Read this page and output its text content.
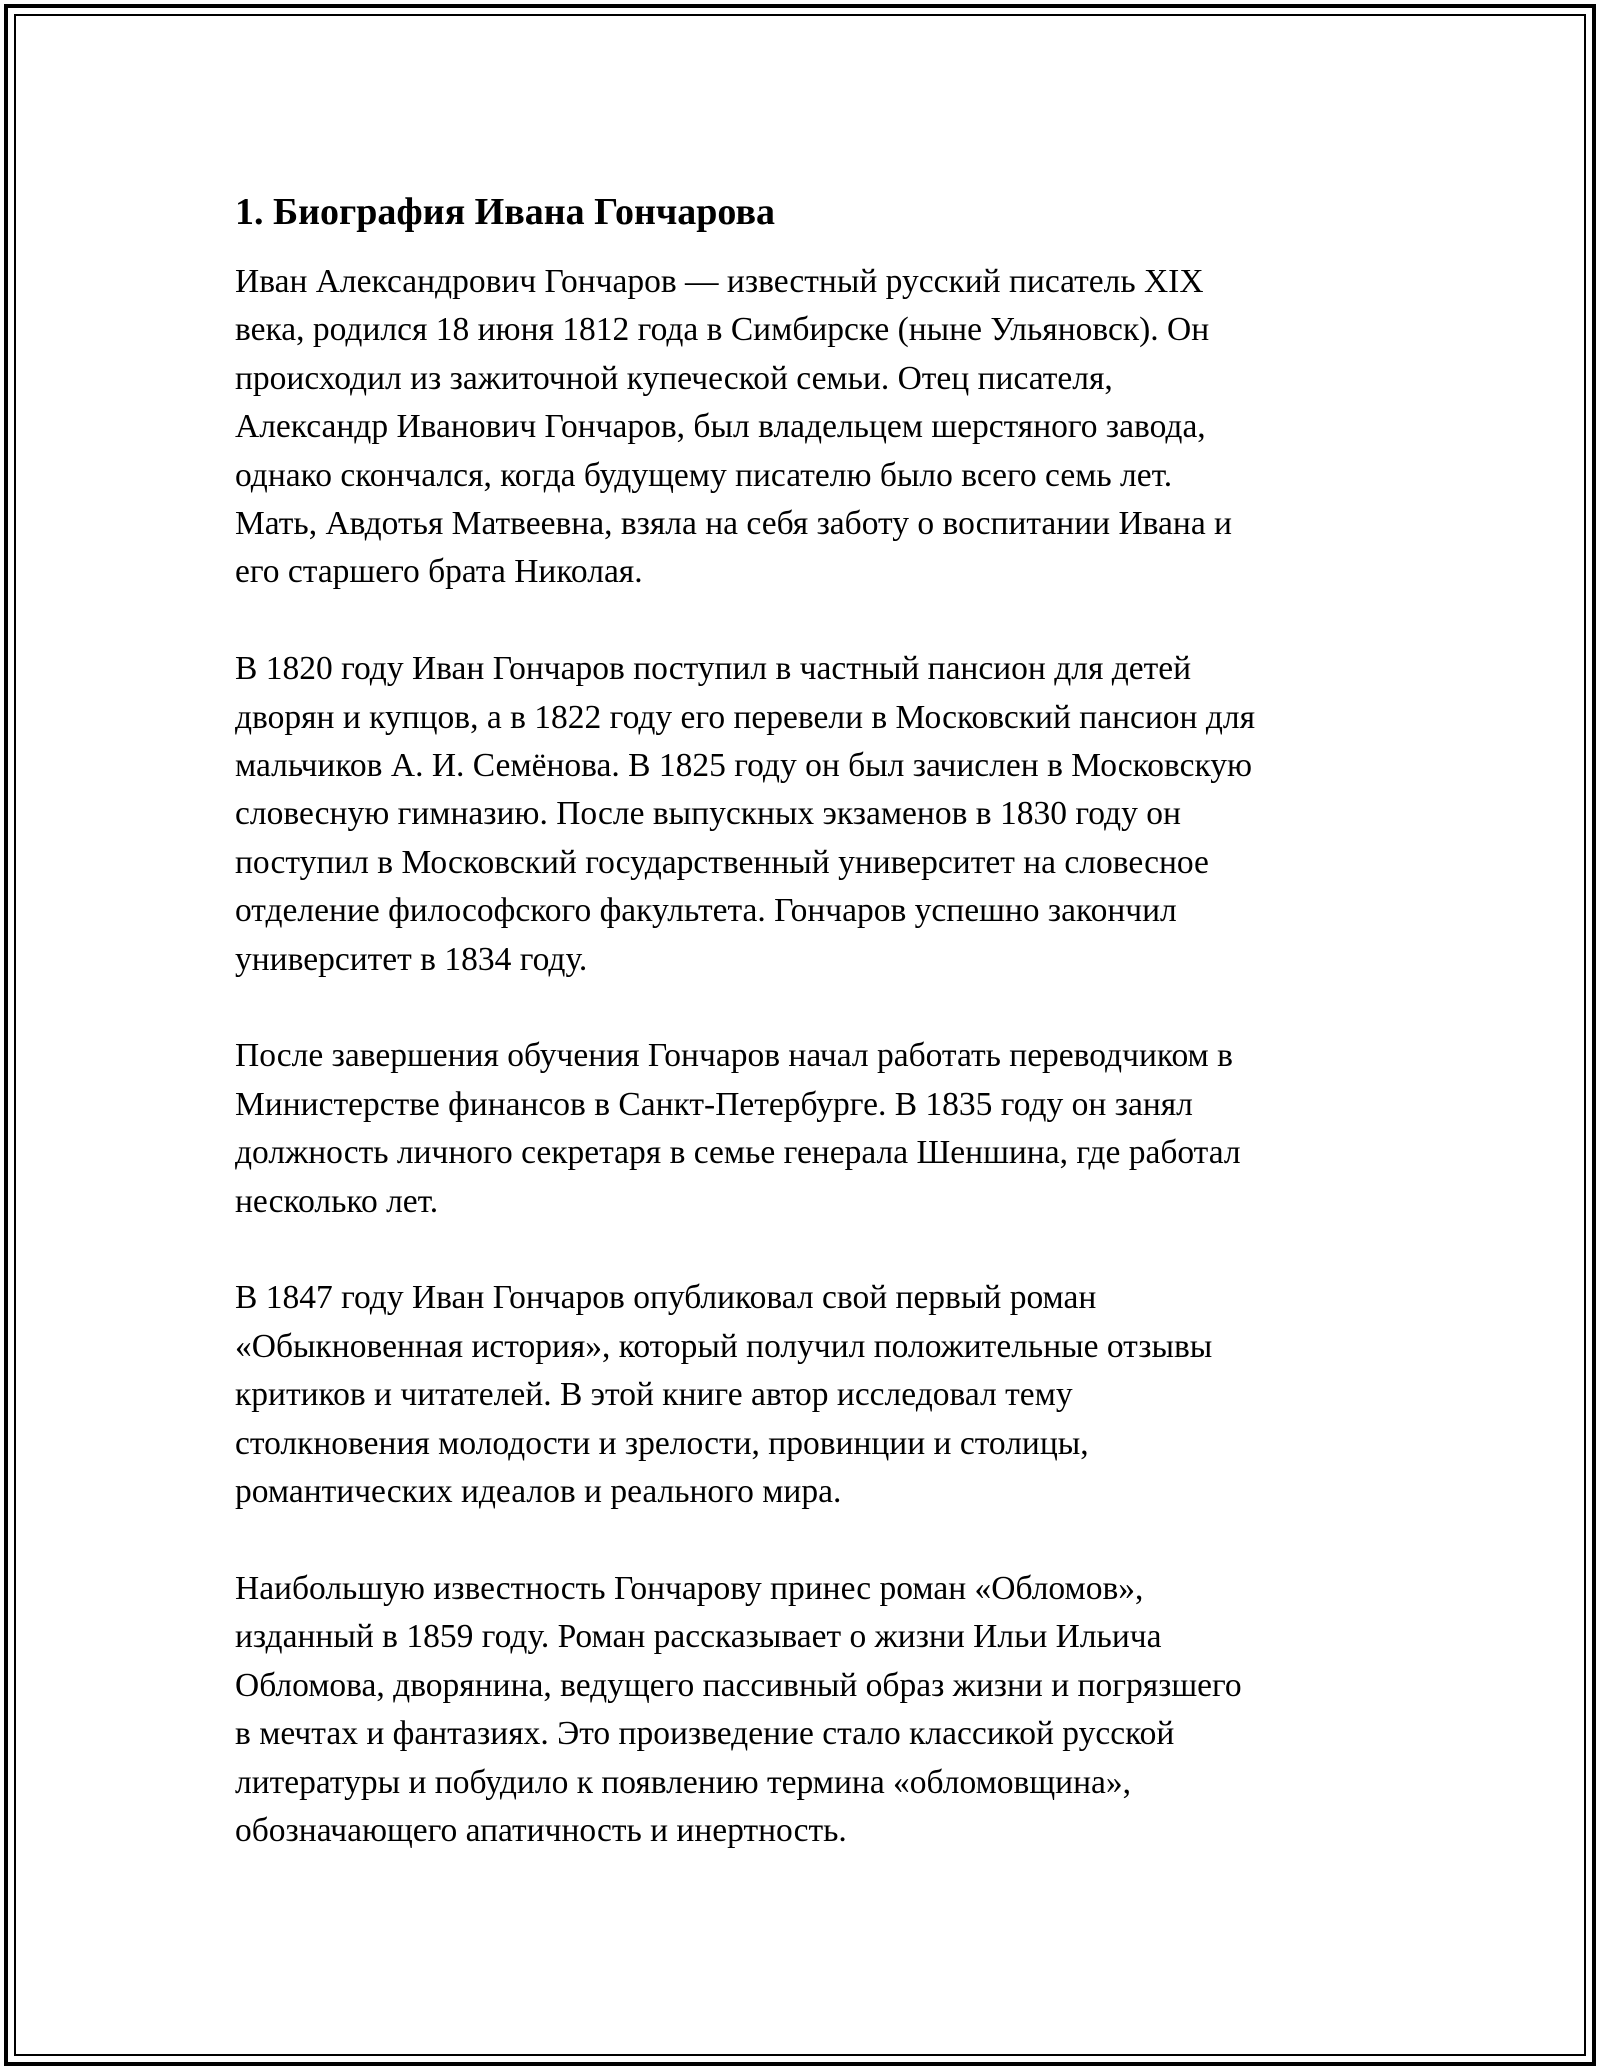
1. Биография Ивана Гончарова
Иван Александрович Гончаров — известный русский писатель XIX
века, родился 18 июня 1812 года в Симбирске (ныне Ульяновск). Он
происходил из зажиточной купеческой семьи. Отец писателя,
Александр Иванович Гончаров, был владельцем шерстяного завода,
однако скончался, когда будущему писателю было всего семь лет.
Мать, Авдотья Матвеевна, взяла на себя заботу о воспитании Ивана и
его старшего брата Николая.
В 1820 году Иван Гончаров поступил в частный пансион для детей
дворян и купцов, а в 1822 году его перевели в Московский пансион для
мальчиков А. И. Семёнова. В 1825 году он был зачислен в Московскую
словесную гимназию. После выпускных экзаменов в 1830 году он
поступил в Московский государственный университет на словесное
отделение философского факультета. Гончаров успешно закончил
университет в 1834 году.
После завершения обучения Гончаров начал работать переводчиком в
Министерстве финансов в Санкт-Петербурге. В 1835 году он занял
должность личного секретаря в семье генерала Шеншина, где работал
несколько лет.
В 1847 году Иван Гончаров опубликовал свой первый роман
«Обыкновенная история», который получил положительные отзывы
критиков и читателей. В этой книге автор исследовал тему
столкновения молодости и зрелости, провинции и столицы,
романтических идеалов и реального мира.
Наибольшую известность Гончарову принес роман «Обломов»,
изданный в 1859 году. Роман рассказывает о жизни Ильи Ильича
Обломова, дворянина, ведущего пассивный образ жизни и погрязшего
в мечтах и фантазиях. Это произведение стало классикой русской
литературы и побудило к появлению термина «обломовщина»,
обозначающего апатичность и инертность.
